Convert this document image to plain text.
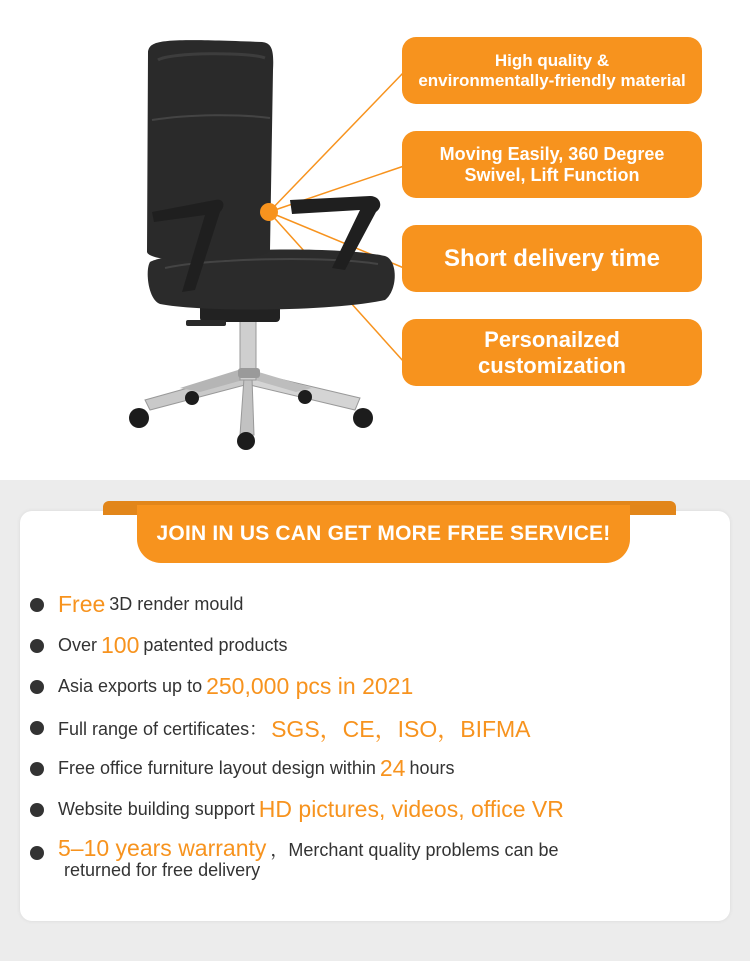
High quality &
environmentally-friendly material
Moving Easily, 360 Degree
Swivel, Lift Function
Short delivery time
Personailzed
customization
JOIN IN US CAN GET MORE FREE SERVICE!
Free 3D render mould
Over 100 patented products
Asia exports up to 250,000 pcs in 2021
Full range of certificates： SGS，CE，ISO，BIFMA
Free office furniture layout design within 24 hours
Website building support HD pictures, videos, office VR
5–10 years warranty ，Merchant quality problems can be
returned for free delivery
